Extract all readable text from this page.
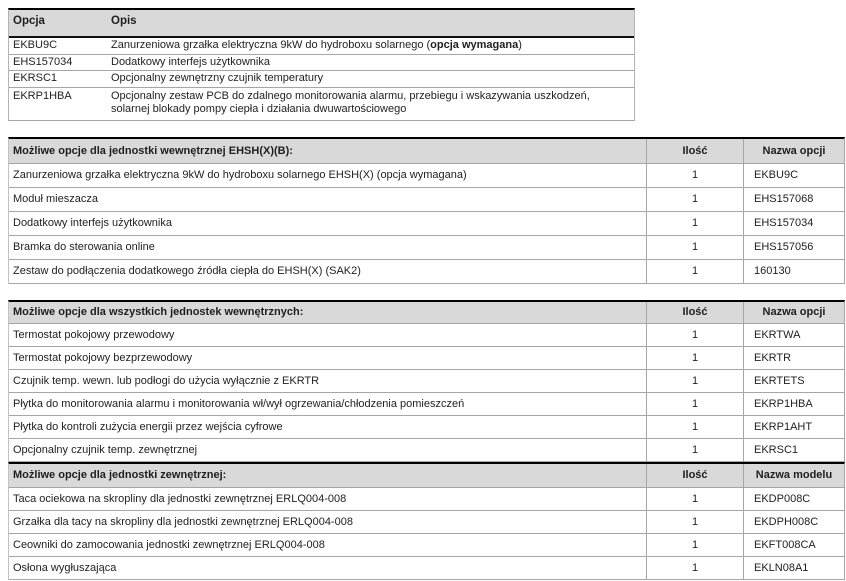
Opcja	Opis
EKBU9C	Zanurzeniowa grzałka elektryczna 9kW do hydroboxu solarnego (opcja wymagana)
EHS157034	Dodatkowy interfejs użytkownika
EKRSC1	Opcjonalny zewnętrzny czujnik temperatury
EKRP1HBA	Opcjonalny zestaw PCB do zdalnego monitorowania alarmu, przebiegu i wskazywania uszkodzeń, solarnej blokady pompy ciepła i działania dwuwartościowego
Możliwe opcje dla jednostki wewnętrznej EHSH(X)(B):	Ilość	Nazwa opcji
Zanurzeniowa grzałka elektryczna 9kW do hydroboxu solarnego EHSH(X) (opcja wymagana)	1	EKBU9C
Moduł mieszacza	1	EHS157068
Dodatkowy interfejs użytkownika	1	EHS157034
Bramka do sterowania online	1	EHS157056
Zestaw do podłączenia dodatkowego źródła ciepła do EHSH(X) (SAK2)	1	160130
Możliwe opcje dla wszystkich jednostek wewnętrznych:	Ilość	Nazwa opcji
Termostat pokojowy przewodowy	1	EKRTWA
Termostat pokojowy bezprzewodowy	1	EKRTR
Czujnik temp. wewn. lub podłogi do użycia wyłącznie z EKRTR	1	EKRTETS
Płytka do monitorowania alarmu i monitorowania wł/wył ogrzewania/chłodzenia pomieszczeń	1	EKRP1HBA
Płytka do kontroli zużycia energii przez wejścia cyfrowe	1	EKRP1AHT
Opcjonalny czujnik temp. zewnętrznej	1	EKRSC1
Możliwe opcje dla jednostki zewnętrznej:	Ilość	Nazwa modelu
Taca ociekowa na skropliny dla jednostki zewnętrznej ERLQ004-008	1	EKDP008C
Grzałka dla tacy na skropliny dla jednostki zewnętrznej ERLQ004-008	1	EKDPH008C
Ceowniki do zamocowania jednostki zewnętrznej ERLQ004-008	1	EKFT008CA
Osłona wygłuszająca	1	EKLN08A1
